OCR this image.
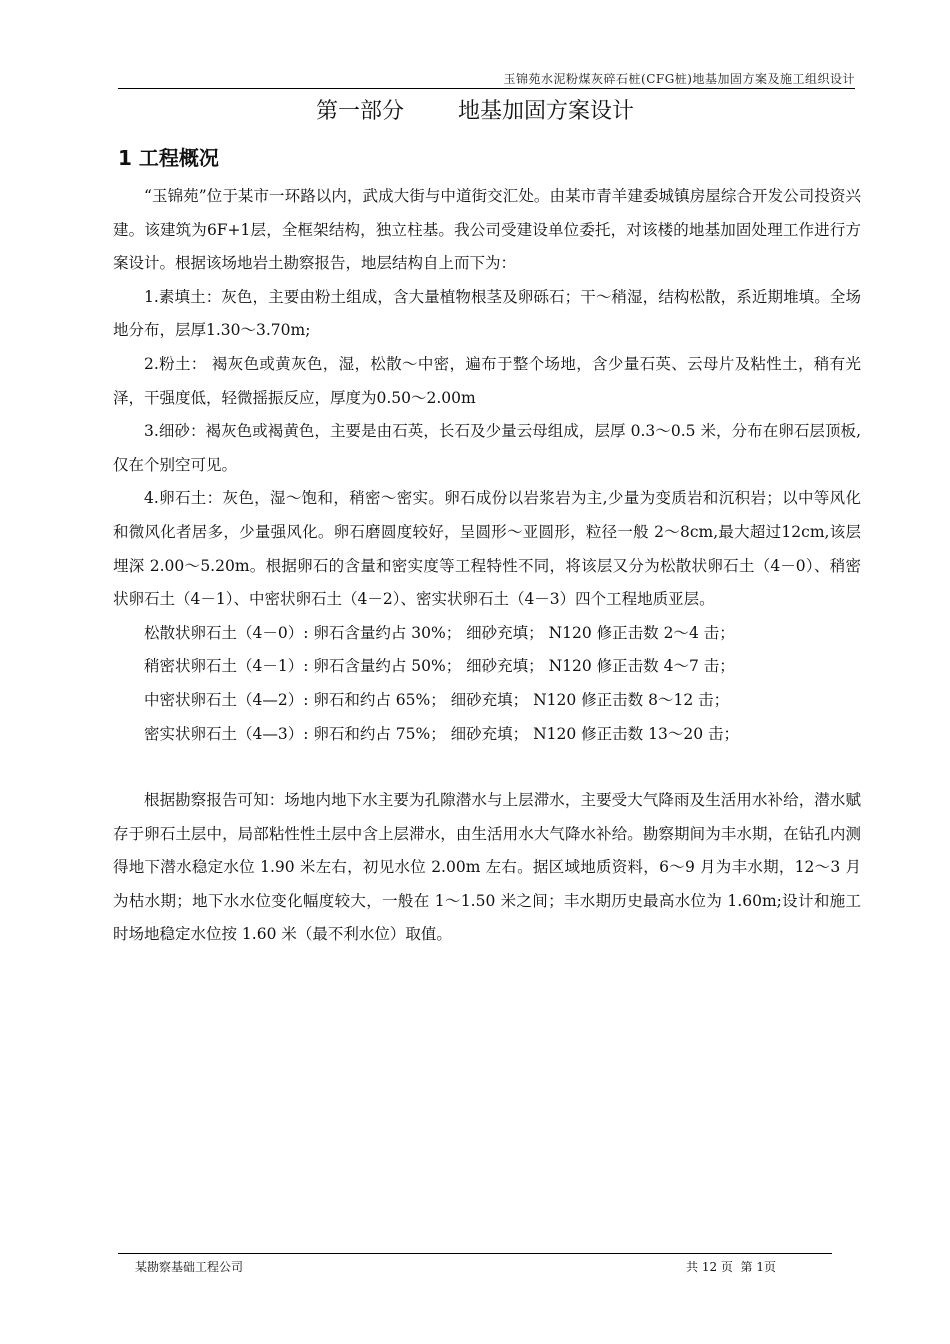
玉锦苑水泥粉煤灰碎石桩(CFG桩)地基加固方案及施工组织设计
第一部分 地基加固方案设计
1 工程概况

“玉锦苑”位于某市一环路以内，武成大街与中道街交汇处。由某市青羊建委城镇房屋综合开发公司投资兴建。该建筑为6F+1层，全框架结构，独立柱基。我公司受建设单位委托，对该楼的地基加固处理工作进行方案设计。根据该场地岩土勘察报告，地层结构自上而下为：

1.素填土：灰色，主要由粉土组成，含大量植物根茎及卵砾石；干～稍湿，结构松散，系近期堆填。全场地分布，层厚1.30～3.70m;

2.粉土： 褐灰色或黄灰色，湿，松散～中密，遍布于整个场地，含少量石英、云母片及粘性土，稍有光泽，干强度低，轻微摇振反应，厚度为0.50～2.00m

3.细砂：褐灰色或褐黄色，主要是由石英，长石及少量云母组成，层厚 0.3～0.5 米，分布在卵石层顶板,仅在个别空可见。

4.卵石土：灰色，湿～饱和，稍密～密实。卵石成份以岩浆岩为主,少量为变质岩和沉积岩；以中等风化和微风化者居多，少量强风化。卵石磨圆度较好，呈圆形～亚圆形，粒径一般 2～8cm,最大超过12cm,该层埋深 2.00～5.20m。根据卵石的含量和密实度等工程特性不同，将该层又分为松散状卵石土（4－0）、稍密状卵石土（4－1）、中密状卵石土（4－2）、密实状卵石土（4－3）四个工程地质亚层。

松散状卵石土（4－0）: 卵石含量约占 30%； 细砂充填； N120 修正击数 2～4 击；

稍密状卵石土（4－1）: 卵石含量约占 50%； 细砂充填； N120 修正击数 4～7 击；

中密状卵石土（4—2）: 卵石和约占 65%； 细砂充填； N120 修正击数 8～12 击；

密实状卵石土（4—3）: 卵石和约占 75%； 细砂充填； N120 修正击数 13～20 击；

根据勘察报告可知：场地内地下水主要为孔隙潜水与上层滞水，主要受大气降雨及生活用水补给，潜水赋存于卵石土层中，局部粘性性土层中含上层滞水，由生活用水大气降水补给。勘察期间为丰水期，在钻孔内测得地下潜水稳定水位 1.90 米左右，初见水位 2.00m 左右。据区域地质资料，6～9 月为丰水期，12～3 月为枯水期；地下水水位变化幅度较大，一般在 1～1.50 米之间；丰水期历史最高水位为 1.60m;设计和施工时场地稳定水位按 1.60 米（最不利水位）取值。

某勘察基础工程公司	共 12 页  第 1页
